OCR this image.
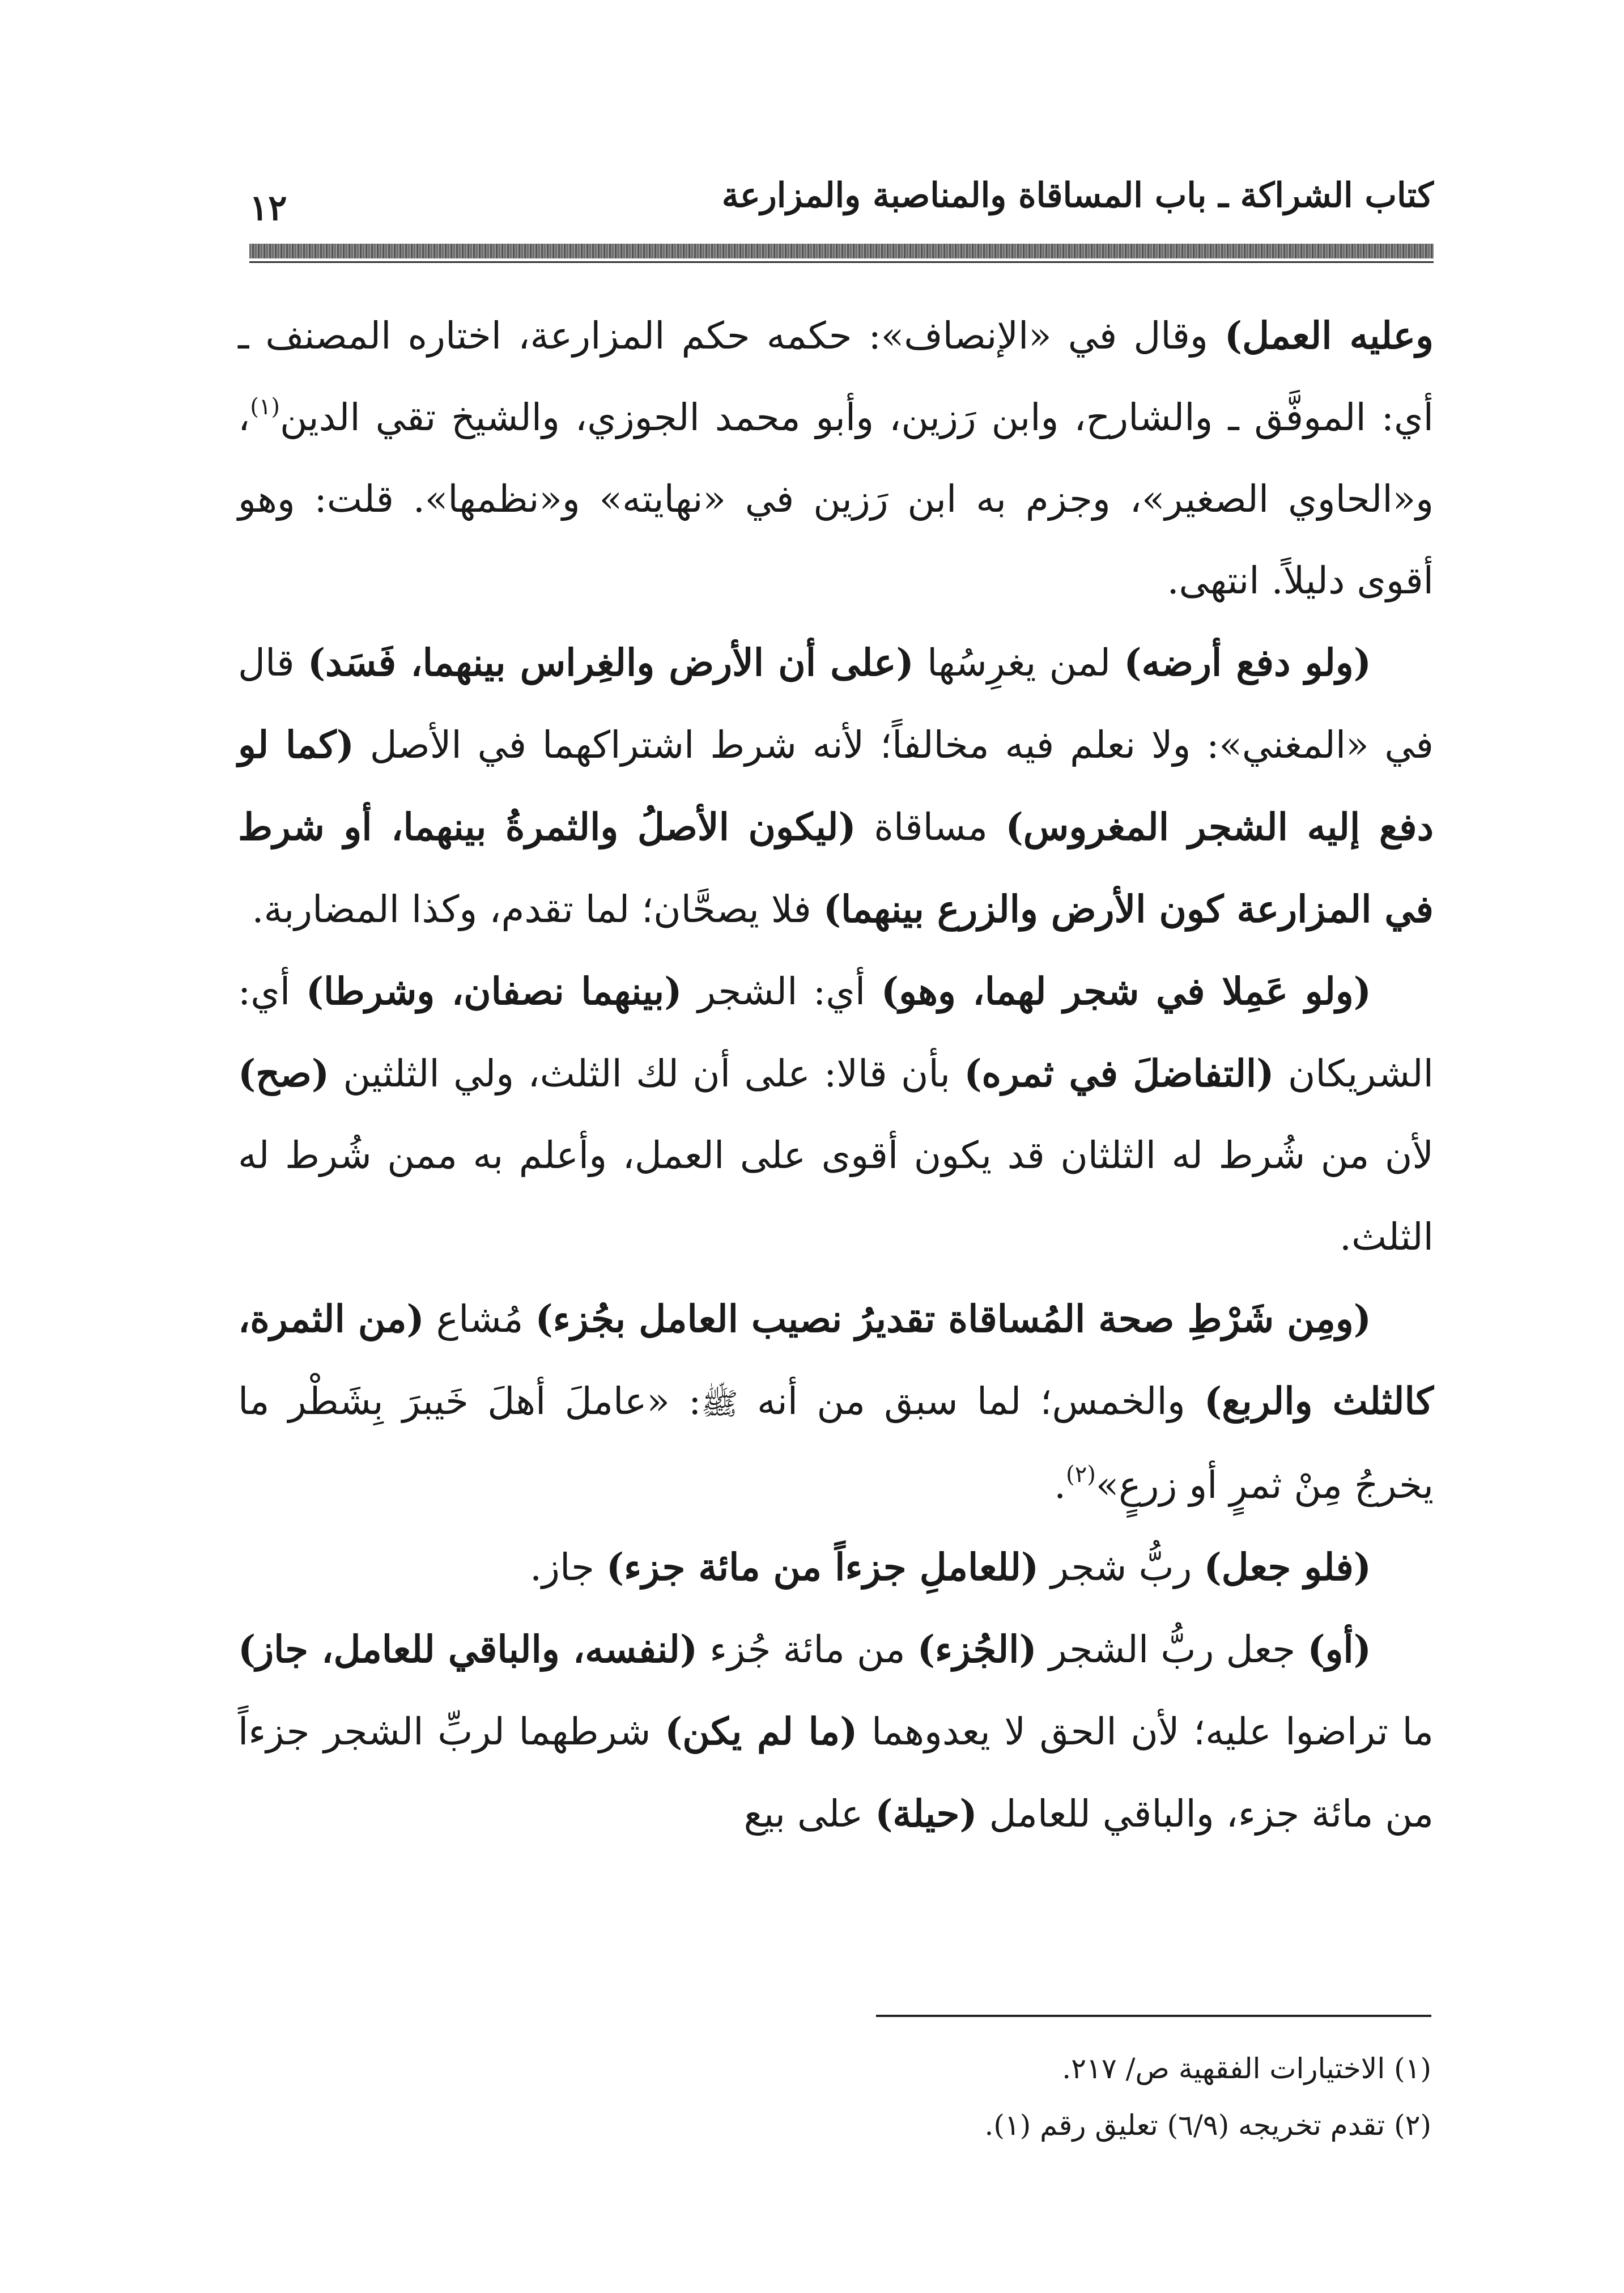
كتاب الشراكة ـ باب المساقاة والمناصبة والمزارعة
١٢

وعليه العمل) وقال في «الإنصاف»: حكمه حكم المزارعة، اختاره المصنف ـ أي: الموفَّق ـ والشارح، وابن رَزين، وأبو محمد الجوزي، والشيخ تقي الدين$^{(١)}$، و«الحاوي الصغير»، وجزم به ابن رَزين في «نهايته» و«نظمها». قلت: وهو أقوى دليلاً. انتهى.

(ولو دفع أرضه) لمن يغرِسُها (على أن الأرض والغِراس بينهما، فَسَد) قال في «المغني»: ولا نعلم فيه مخالفاً؛ لأنه شرط اشتراكهما في الأصل (كما لو دفع إليه الشجر المغروس) مساقاة (ليكون الأصلُ والثمرةُ بينهما، أو شرط في المزارعة كون الأرض والزرع بينهما) فلا يصحَّان؛ لما تقدم، وكذا المضاربة.

(ولو عَمِلا في شجر لهما، وهو) أي: الشجر (بينهما نصفان، وشرطا) أي: الشريكان (التفاضلَ في ثمره) بأن قالا: على أن لك الثلث، ولي الثلثين (صح) لأن من شُرط له الثلثان قد يكون أقوى على العمل، وأعلم به ممن شُرط له الثلث.

(ومِن شَرْطِ صحة المُساقاة تقديرُ نصيب العامل بجُزء) مُشاع (من الثمرة، كالثلث والربع) والخمس؛ لما سبق من أنه ﷺ: «عاملَ أهلَ خَيبرَ بِشَطْر ما يخرجُ مِنْ ثمرٍ أو زرعٍ»$^{(٢)}$.

(فلو جعل) ربُّ شجر (للعاملِ جزءاً من مائة جزء) جاز.

(أو) جعل ربُّ الشجر (الجُزء) من مائة جُزء (لنفسه، والباقي للعامل، جاز) ما تراضوا عليه؛ لأن الحق لا يعدوهما (ما لم يكن) شرطهما لربِّ الشجر جزءاً من مائة جزء، والباقي للعامل (حيلة) على بيع

(١) الاختيارات الفقهية ص/ ٢١٧.

(٢) تقدم تخريجه (٦/٩) تعليق رقم (١).
